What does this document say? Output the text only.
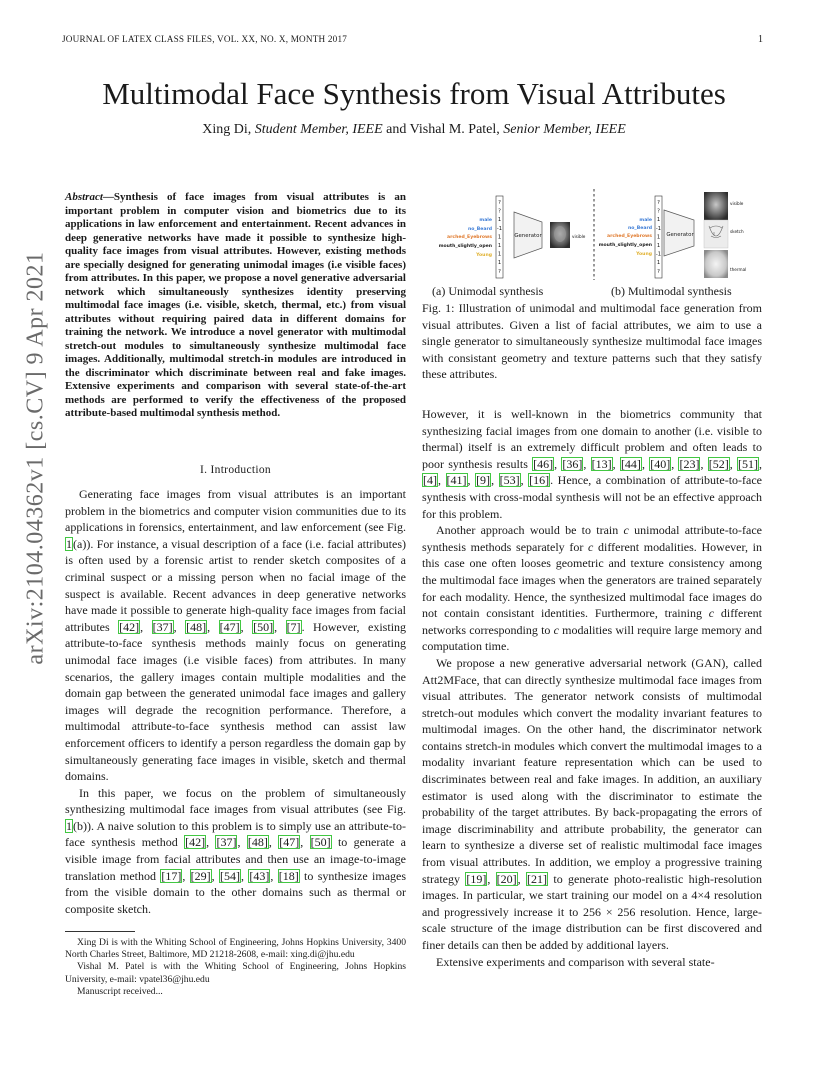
JOURNAL OF LATEX CLASS FILES, VOL. XX, NO. X, MONTH 2017	1
arXiv:2104.04362v1 [cs.CV] 9 Apr 2021
Multimodal Face Synthesis from Visual Attributes
Xing Di, Student Member, IEEE and Vishal M. Patel, Senior Member, IEEE
Abstract—Synthesis of face images from visual attributes is an important problem in computer vision and biometrics due to its applications in law enforcement and entertainment. Recent advances in deep generative networks have made it possible to synthesize high-quality face images from visual attributes. However, existing methods are specially designed for generating unimodal images (i.e visible faces) from attributes. In this paper, we propose a novel generative adversarial network which simultaneously synthesizes identity preserving multimodal face images (i.e. visible, sketch, thermal, etc.) from visual attributes without requiring paired data in different domains for training the network. We introduce a novel generator with multimodal stretch-out modules to simultaneously synthesize multimodal face images. Additionally, multimodal stretch-in modules are introduced in the discriminator which discriminate between real and fake images. Extensive experiments and comparison with several state-of-the-art methods are performed to verify the effectiveness of the proposed attribute-based multimodal synthesis method.
I. Introduction

Generating face images from visual attributes is an important problem in the biometrics and computer vision communities due to its applications in forensics, entertainment, and law enforcement (see Fig. 1(a)). For instance, a visual description of a face (i.e. facial attributes) is often used by a forensic artist to render sketch composites of a criminal suspect or a missing person when no facial image of the suspect is available. Recent advances in deep generative networks have made it possible to generate high-quality face images from facial attributes [42], [37], [48], [47], [50], [7]. However, existing attribute-to-face synthesis methods mainly focus on generating unimodal face images (i.e visible faces) from attributes. In many scenarios, the gallery images contain multiple modalities and the domain gap between the generated unimodal face images and gallery images will degrade the recognition performance. Therefore, a multimodal attribute-to-face synthesis method can assist law enforcement officers to identify a person regardless the domain gap by simultaneously generating face images in visible, sketch and thermal domains.

In this paper, we focus on the problem of simultaneously synthesizing multimodal face images from visual attributes (see Fig. 1(b)). A naive solution to this problem is to simply use an attribute-to-face synthesis method [42], [37], [48], [47], [50] to generate a visible image from facial attributes and then use an image-to-image translation method [17], [29], [54], [43], [18] to synthesize images from the visible domain to the other domains such as thermal or composite sketch.

Xing Di is with the Whiting School of Engineering, Johns Hopkins University, 3400 North Charles Street, Baltimore, MD 21218-2608, e-mail: xing.di@jhu.edu

Vishal M. Patel is with the Whiting School of Engineering, Johns Hopkins University, e-mail: vpatel36@jhu.edu

Manuscript received...

male
no_Beard
arched_Eyebrows
mouth_slightly_open
Young
?
?
1
-1
1
1
1
1
?
Generator	visible
male
no_Beard
arched_Eyebrows
mouth_slightly_open
Young
?
?
1
-1
1
1
-1
1
?
Generator
visible
sketch
thermal
(a) Unimodal synthesis	(b) Multimodal synthesis
Fig. 1: Illustration of unimodal and multimodal face generation from visual attributes. Given a list of facial attributes, we aim to use a single generator to simultaneously synthesize multimodal face images with consistant geometry and texture patterns such that they satisfy these attributes.

However, it is well-known in the biometrics community that synthesizing facial images from one domain to another (i.e. visible to thermal) itself is an extremely difficult problem and often leads to poor synthesis results [46], [36], [13], [44], [40], [23], [52], [51], [4], [41], [9], [53], [16]. Hence, a combination of attribute-to-face synthesis with cross-modal synthesis will not be an effective approach for this problem.

Another approach would be to train c unimodal attribute-to-face synthesis methods separately for c different modalities. However, in this case one often looses geometric and texture consistency among the multimodal face images when the generators are trained separately for each modality. Hence, the synthesized multimodal face images do not contain consistant identities. Furthermore, training c different networks corresponding to c modalities will require large memory and computation time.

We propose a new generative adversarial network (GAN), called Att2MFace, that can directly synthesize multimodal face images from visual attributes. The generator network consists of multimodal stretch-out modules which convert the modality invariant features to multimodal images. On the other hand, the discriminator network contains stretch-in modules which convert the multimodal images to a modality invariant feature representation which can be used to discriminates between real and fake images. In addition, an auxiliary estimator is used along with the discriminator to estimate the probability of the target attributes. By back-propagating the errors of image discriminability and attribute probability, the generator can learn to synthesize a diverse set of realistic multimodal face images from visual attributes. In addition, we employ a progressive training strategy [19], [20], [21] to generate photo-realistic high-resolution images. In particular, we start training our model on a 4×4 resolution and progressively increase it to 256 × 256 resolution. Hence, large-scale structure of the image distribution can be first discovered and finer details can then be added by additional layers.

Extensive experiments and comparison with several state-
